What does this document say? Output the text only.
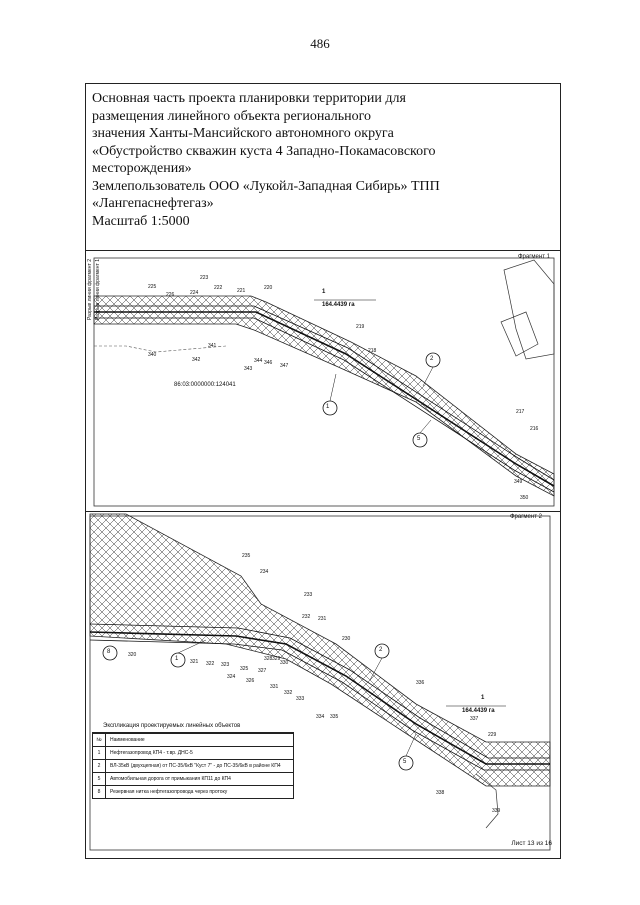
486
Основная часть проекта планировки территории для
размещения линейного объекта регионального
значения Ханты-Мансийского автономного округа
«Обустройство скважин куста 4 Западно-Покамасовского
месторождения»
Землепользователь ООО «Лукойл-Западная Сибирь» ТПП
«Лангепаснефтегаз»
Масштаб 1:5000
Фрагмент 1
Фрагмент 2
1
164.4439 га
1
164.4439 га
86:03:0000000:124041
Разрыв линии фрагмент 2 Разрыв линии фрагмент 1
1
2
5
8
1
2
5
225
226
223
224
222	221	220
219
218
340
341
342
343
344 346 347
217
216
349
350
235
234
233
232 231
230
320
321 322 323
324
325
326
327
328 329
330
331
332
333
334 335
336
337
229
338
339
Экспликация проектируемых линейных объектов
№	Наименование
1	Нефтегазопровод КП4 - т.вр. ДНС-5
2	ВЛ-35кВ (двухцепная) от ПС-35/6кВ "Куст 7" - до ПС-35/6кВ в районе КП4
5	Автомобильная дорога от примыкания КП11 до КП4
8	Резервная нитка нефтегазопровода через протоку
Лист 13 из 16
